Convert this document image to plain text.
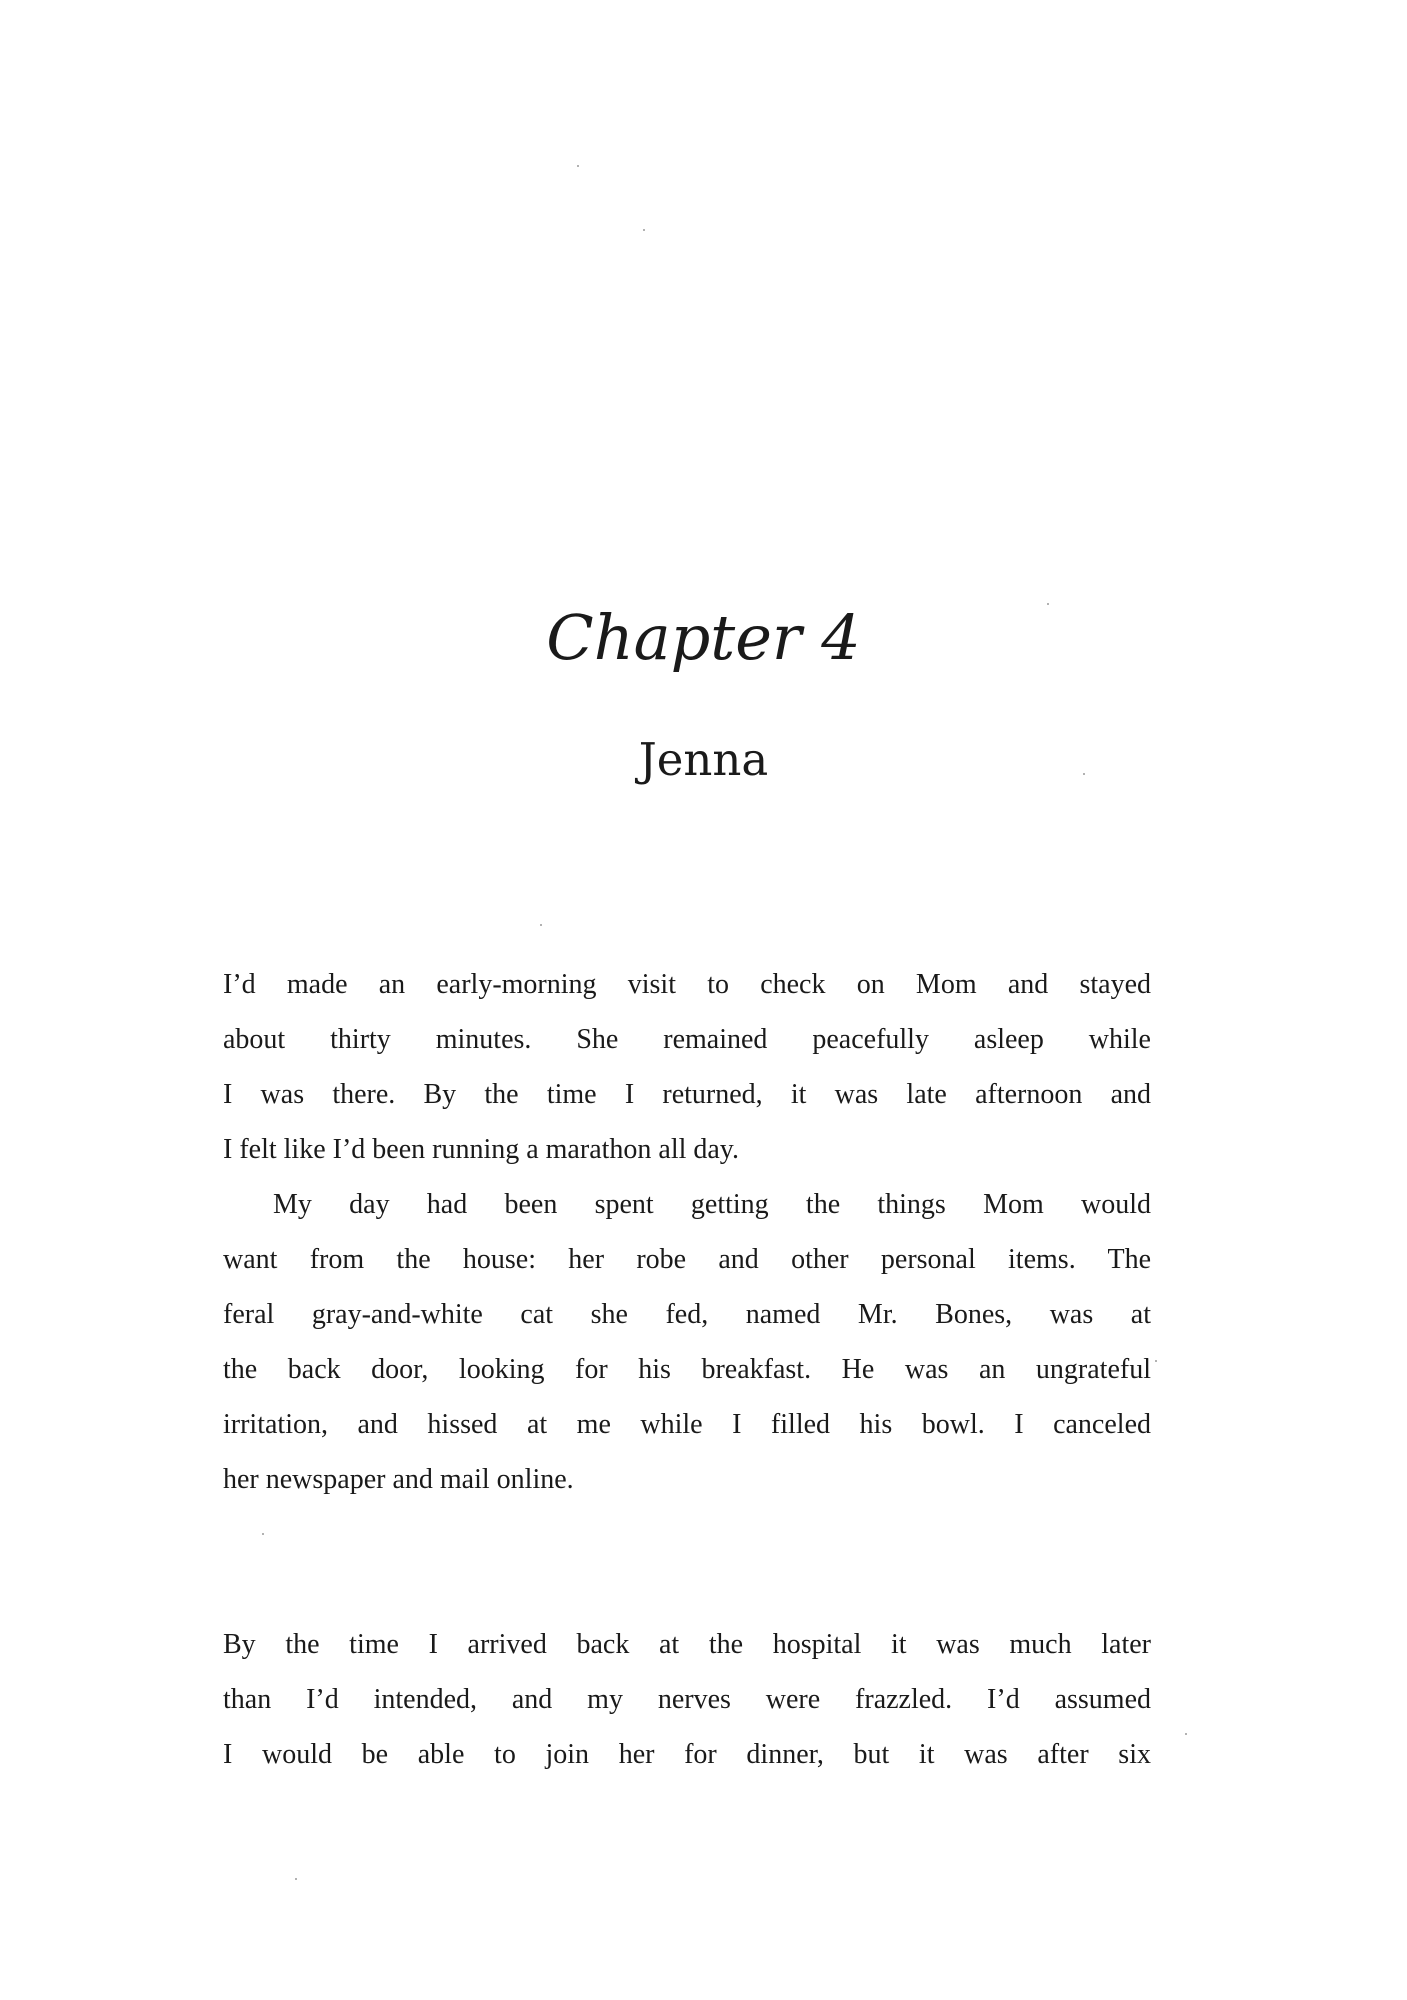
Chapter 4
Jenna
I’d made an early-morning visit to check on Mom and stayed
about thirty minutes. She remained peacefully asleep while
I was there. By the time I returned, it was late afternoon and
I felt like I’d been running a marathon all day.
My day had been spent getting the things Mom would
want from the house: her robe and other personal items. The
feral gray-and-white cat she fed, named Mr. Bones, was at
the back door, looking for his breakfast. He was an ungrateful
irritation, and hissed at me while I filled his bowl. I canceled
her newspaper and mail online.
By the time I arrived back at the hospital it was much later
than I’d intended, and my nerves were frazzled. I’d assumed
I would be able to join her for dinner, but it was after six
